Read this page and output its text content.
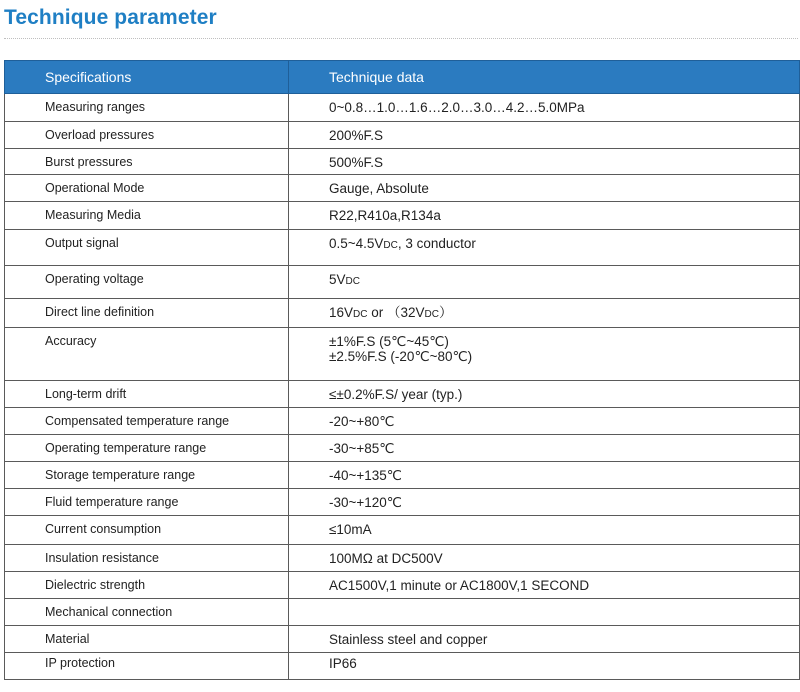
Technique parameter
Specifications	Technique data

Measuring ranges	0~0.8…1.0…1.6…2.0…3.0…4.2…5.0MPa

Overload pressures	200%F.S

Burst pressures	500%F.S

Operational Mode	Gauge, Absolute

Measuring Media	R22,R410a,R134a

Output signal	0.5~4.5VDC, 3 conductor

Operating voltage	5VDC

Direct line definition	16VDC or （32VDC）

Accuracy	±1%F.S (5℃~45℃)
±2.5%F.S (-20℃~80℃)

Long-term drift	≤±0.2%F.S/ year (typ.)

Compensated temperature range	-20~+80℃

Operating temperature range	-30~+85℃

Storage temperature range	-40~+135℃

Fluid temperature range	-30~+120℃

Current consumption	≤10mA

Insulation resistance	100MΩ at DC500V

Dielectric strength	AC1500V,1 minute or AC1800V,1 SECOND

Mechanical connection	

Material	Stainless steel and copper

IP protection	IP66
